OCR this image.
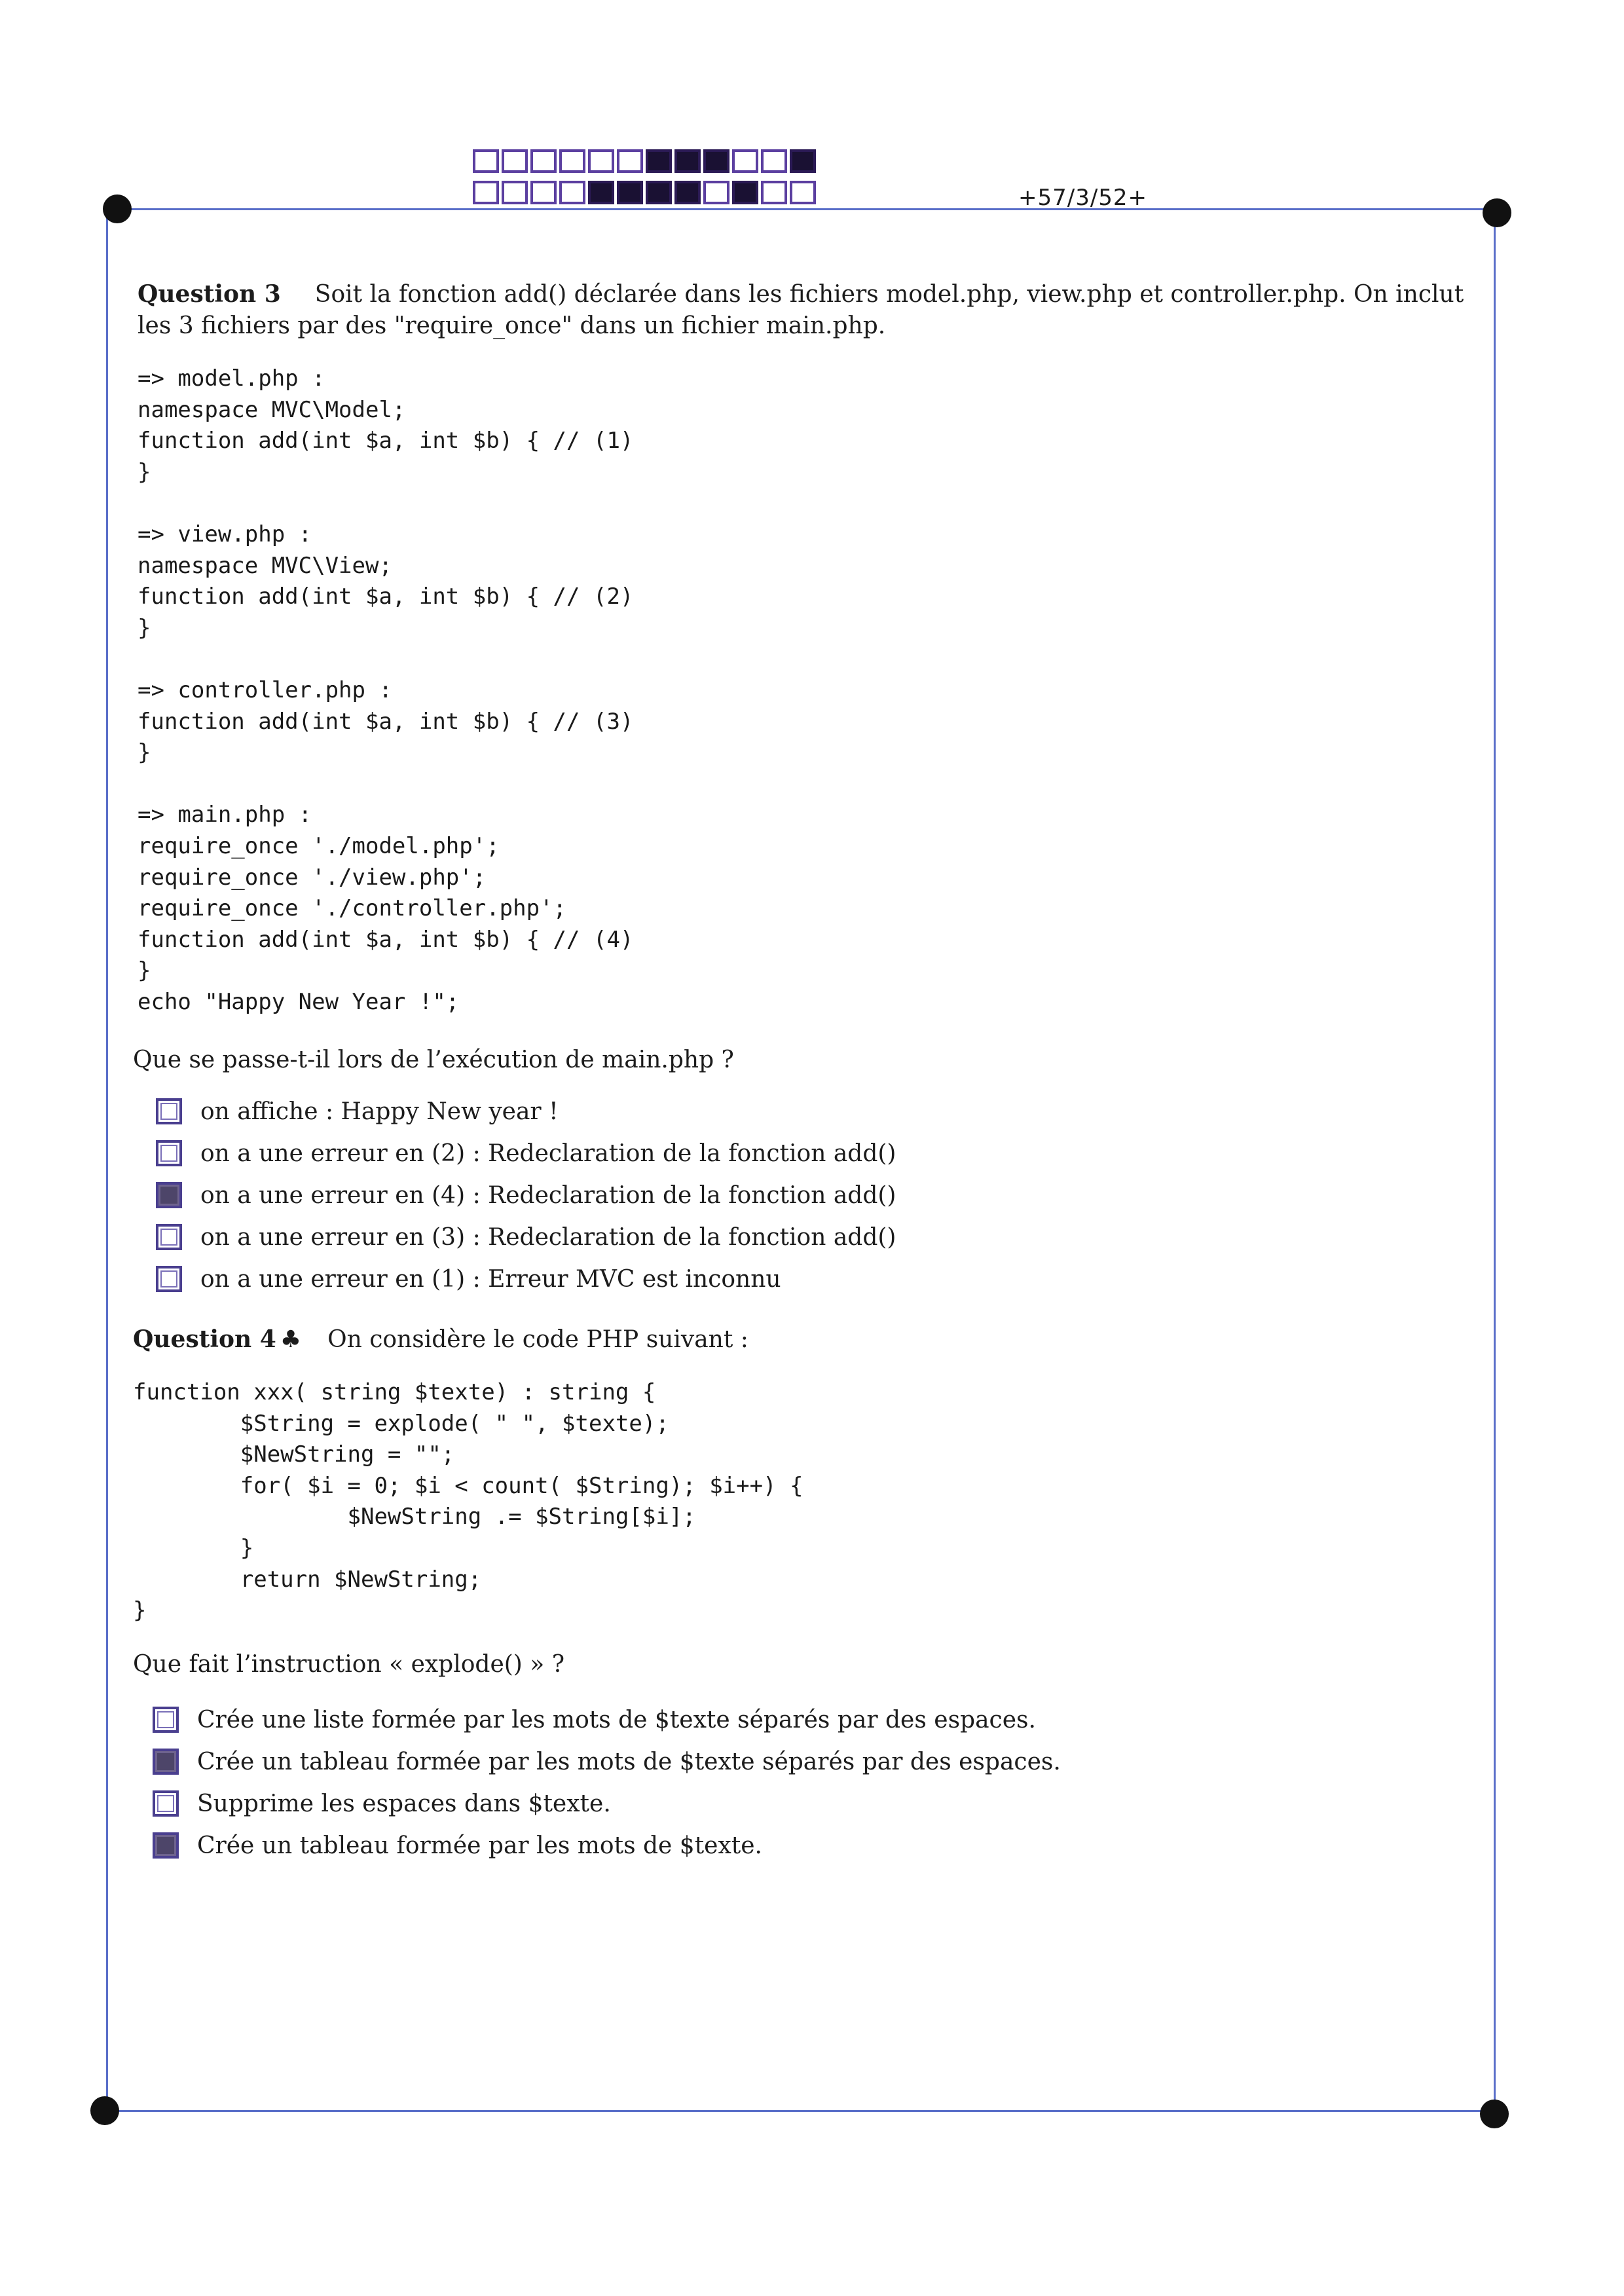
+57/3/52+
Question 3 Soit la fonction add() déclarée dans les fichiers model.php, view.php et controller.php. On inclut les 3 fichiers par des "require_once" dans un fichier main.php.
=> model.php :
namespace MVC\Model;
function add(int $a, int $b) { // (1)
}

=> view.php :
namespace MVC\View;
function add(int $a, int $b) { // (2)
}

=> controller.php :
function add(int $a, int $b) { // (3)
}

=> main.php :
require_once './model.php';
require_once './view.php';
require_once './controller.php';
function add(int $a, int $b) { // (4)
}
echo "Happy New Year !";
Que se passe-t-il lors de l’exécution de main.php ?
on affiche : Happy New year !
on a une erreur en (2) : Redeclaration de la fonction add()
on a une erreur en (4) : Redeclaration de la fonction add()
on a une erreur en (3) : Redeclaration de la fonction add()
on a une erreur en (1) : Erreur MVC est inconnu
Question 4 ♣ On considère le code PHP suivant :
function xxx( string $texte) : string {
$String = explode( " ", $texte);
$NewString = "";
for( $i = 0; $i < count( $String); $i++) {
$NewString .= $String[$i];
}
return $NewString;
}
Que fait l’instruction « explode() » ?
Crée une liste formée par les mots de $texte séparés par des espaces.
Crée un tableau formée par les mots de $texte séparés par des espaces.
Supprime les espaces dans $texte.
Crée un tableau formée par les mots de $texte.
